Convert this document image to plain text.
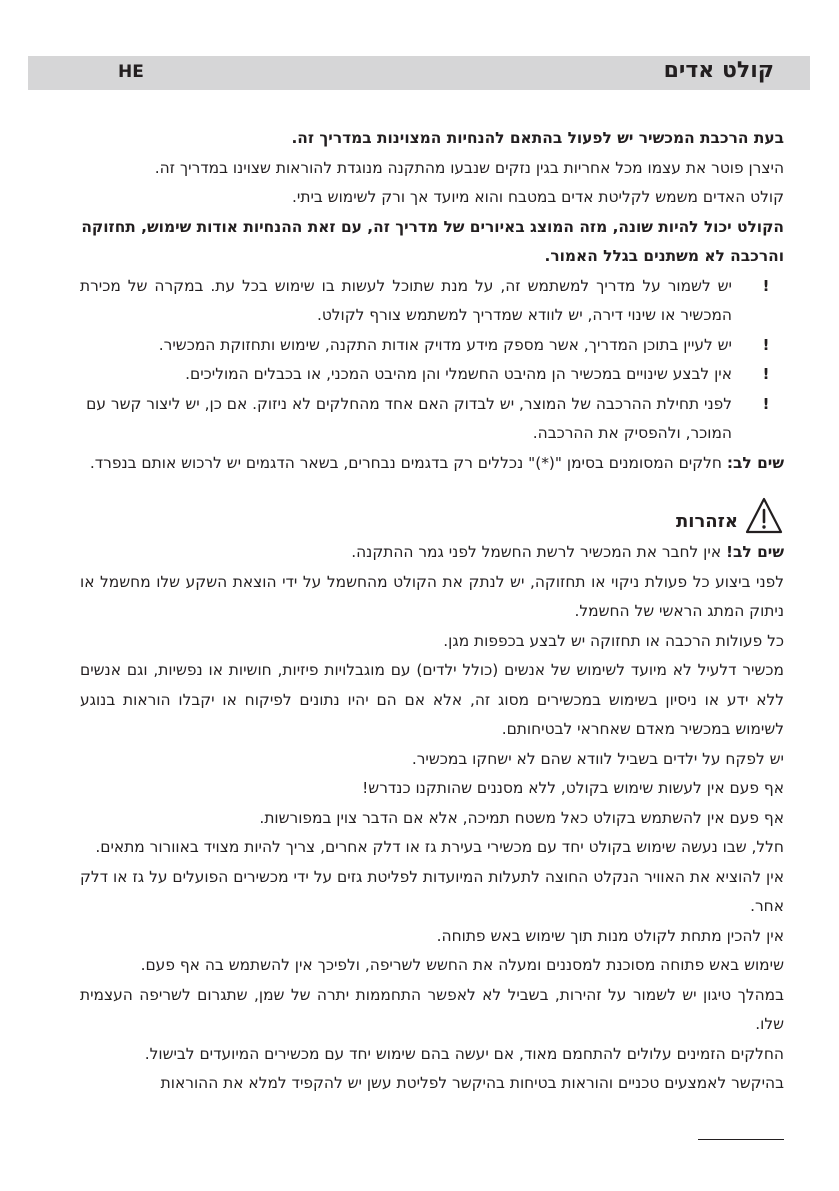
קולט אדים
HE

בעת הרכבת המכשיר יש לפעול בהתאם להנחיות המצוינות במדריך זה.

היצרן פוטר את עצמו מכל אחריות בגין נזקים שנבעו מהתקנה מנוגדת להוראות שצוינו במדריך זה.

קולט האדים משמש לקליטת אדים במטבח והוא מיועד אך ורק לשימוש ביתי.

הקולט יכול להיות שונה, מזה המוצג באיורים של מדריך זה, עם זאת ההנחיות אודות שימוש, תחזוקה והרכבה לא משתנים בגלל האמור.

!
יש לשמור על מדריך למשתמש זה, על מנת שתוכל לעשות בו שימוש בכל עת. במקרה של מכירת המכשיר או שינוי דירה, יש לוודא שמדריך למשתמש צורף לקולט.
!
יש לעיין בתוכן המדריך, אשר מספק מידע מדויק אודות התקנה, שימוש ותחזוקת המכשיר.
!
אין לבצע שינויים במכשיר הן מהיבט החשמלי והן מהיבט המכני, או בכבלים המוליכים.
!
לפני תחילת ההרכבה של המוצר, יש לבדוק האם אחד מהחלקים לא ניזוק. אם כן, יש ליצור קשר עם המוכר, ולהפסיק את ההרכבה.

שים לב: חלקים המסומנים בסימן "(*)" נכללים רק בדגמים נבחרים, בשאר הדגמים יש לרכוש אותם בנפרד.

אזהרות

שים לב! אין לחבר את המכשיר לרשת החשמל לפני גמר ההתקנה.

לפני ביצוע כל פעולת ניקוי או תחזוקה, יש לנתק את הקולט מהחשמל על ידי הוצאת השקע שלו מחשמל או ניתוק המתג הראשי של החשמל.

כל פעולות הרכבה או תחזוקה יש לבצע בכפפות מגן.

מכשיר דלעיל לא מיועד לשימוש של אנשים (כולל ילדים) עם מוגבלויות פיזיות, חושיות או נפשיות, וגם אנשים ללא ידע או ניסיון בשימוש במכשירים מסוג זה, אלא אם הם יהיו נתונים לפיקוח או יקבלו הוראות בנוגע לשימוש במכשיר מאדם שאחראי לבטיחותם.

יש לפקח על ילדים בשביל לוודא שהם לא ישחקו במכשיר.

אף פעם אין לעשות שימוש בקולט, ללא מסננים שהותקנו כנדרש!

אף פעם אין להשתמש בקולט כאל משטח תמיכה, אלא אם הדבר צוין במפורשות.

חלל, שבו נעשה שימוש בקולט יחד עם מכשירי בעירת גז או דלק אחרים, צריך להיות מצויד באוורור מתאים.

אין להוציא את האוויר הנקלט החוצה לתעלות המיועדות לפליטת גזים על ידי מכשירים הפועלים על גז או דלק אחר.

אין להכין מתחת לקולט מנות תוך שימוש באש פתוחה.

שימוש באש פתוחה מסוכנת למסננים ומעלה את החשש לשריפה, ולפיכך אין להשתמש בה אף פעם.

במהלך טיגון יש לשמור על זהירות, בשביל לא לאפשר התחממות יתרה של שמן, שתגרום לשריפה העצמית שלו.

החלקים הזמינים עלולים להתחמם מאוד, אם יעשה בהם שימוש יחד עם מכשירים המיועדים לבישול.

בהיקשר לאמצעים טכניים והוראות בטיחות בהיקשר לפליטת עשן יש להקפיד למלא את ההוראות
